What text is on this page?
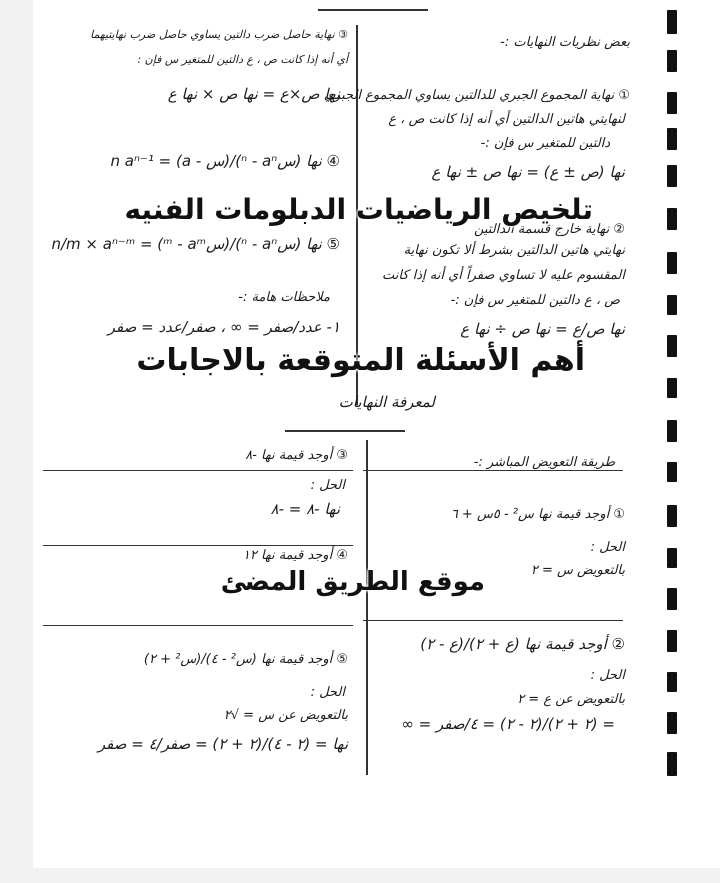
بعض نظريات النهايات :-
① نهاية المجموع الجبري للدالتين يساوي المجموع الجبري
لنهايتي هاتين الدالتين أي أنه إذا كانت ص ، ع
دالتين للمتغير س فإن :-
نها (ص ± ع) = نها ص ± نها ع
② نهاية خارج قسمة الدالتين
نهايتي هاتين الدالتين بشرط ألا تكون نهاية
المقسوم عليه لا تساوي صفراً أي أنه إذا كانت
ص ، ع دالتين للمتغير س فإن :-
نها ص/ع = نها ص ÷ نها ع
طريقة التعويض المباشر :-
① أوجد قيمة نها س² - ٥س + ٦
الحل :
بالتعويض س = ٢
② أوجد قيمة نها (ع + ٢)/(ع - ٢)
الحل :
بالتعويض عن ع = ٢
= (٢ + ٢)/(٢ - ٢) = ٤/صفر = ∞
③ نهاية حاصل ضرب دالتين يساوي حاصل ضرب نهايتيهما
أي أنه إذا كانت ص ، ع دالتين للمتغير س فإن :
نها ص×ع = نها ص × نها ع
④ نها (سⁿ - aⁿ)/(س - a) = n aⁿ⁻¹
⑤ نها (سⁿ - aⁿ)/(سᵐ - aᵐ) = n/m × aⁿ⁻ᵐ
ملاحظات هامة :-
١- عدد/صفر = ∞ ، صفر/عدد = صفر
لمعرفة النهايات
③ أوجد قيمة نها -٨
الحل :
نها -٨ = -٨
④ أوجد قيمة نها ١٢
⑤ أوجد قيمة نها (س² - ٤)/(س² + ٢)
الحل :
بالتعويض عن س = √٢
نها = (٢ - ٤)/(٢ + ٢) = صفر/٤ = صفر
تلخيص الرياضيات الدبلومات الفنيه
أهم الأسئلة المتوقعة بالاجابات
موقع الطريق المضئ
